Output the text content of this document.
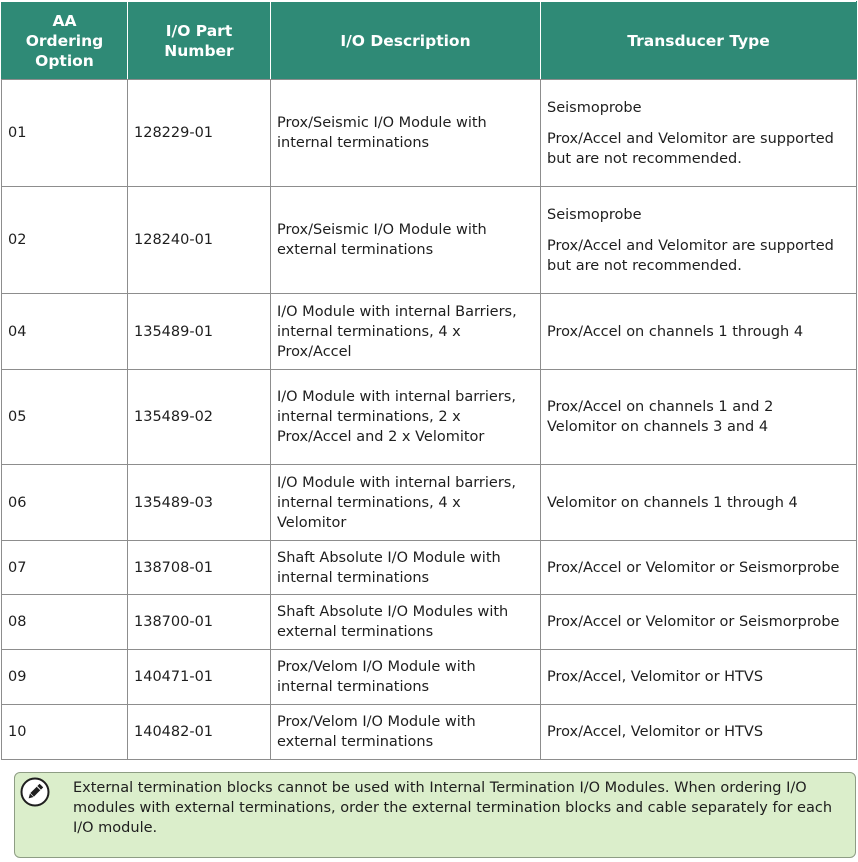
AA
Ordering
Option	I/O Part
Number	I/O Description	Transducer Type
01	128229-01	Prox/Seismic I/O Module with internal terminations	Seismoprobe

Prox/Accel and Velomitor are supported but are not recommended.

02	128240-01	Prox/Seismic I/O Module with external terminations	Seismoprobe

Prox/Accel and Velomitor are supported but are not recommended.

04	135489-01	I/O Module with internal Barriers, internal terminations, 4 x Prox/Accel	Prox/Accel on channels 1 through 4

05	135489-02	I/O Module with internal barriers, internal terminations, 2 x Prox/Accel and 2 x Velomitor	Prox/Accel on channels 1 and 2
Velomitor on channels 3 and 4

06	135489-03	I/O Module with internal barriers, internal terminations, 4 x Velomitor	Velomitor on channels 1 through 4

07	138708-01	Shaft Absolute I/O Module with internal terminations	Prox/Accel or Velomitor or Seismorprobe

08	138700-01	Shaft Absolute I/O Modules with external terminations	Prox/Accel or Velomitor or Seismorprobe

09	140471-01	Prox/Velom I/O Module with internal terminations	Prox/Accel, Velomitor or HTVS

10	140482-01	Prox/Velom I/O Module with external terminations	Prox/Accel, Velomitor or HTVS

External termination blocks cannot be used with Internal Termination I/O Modules. When ordering I/O modules with external terminations, order the external termination blocks and cable separately for each I/O module.
